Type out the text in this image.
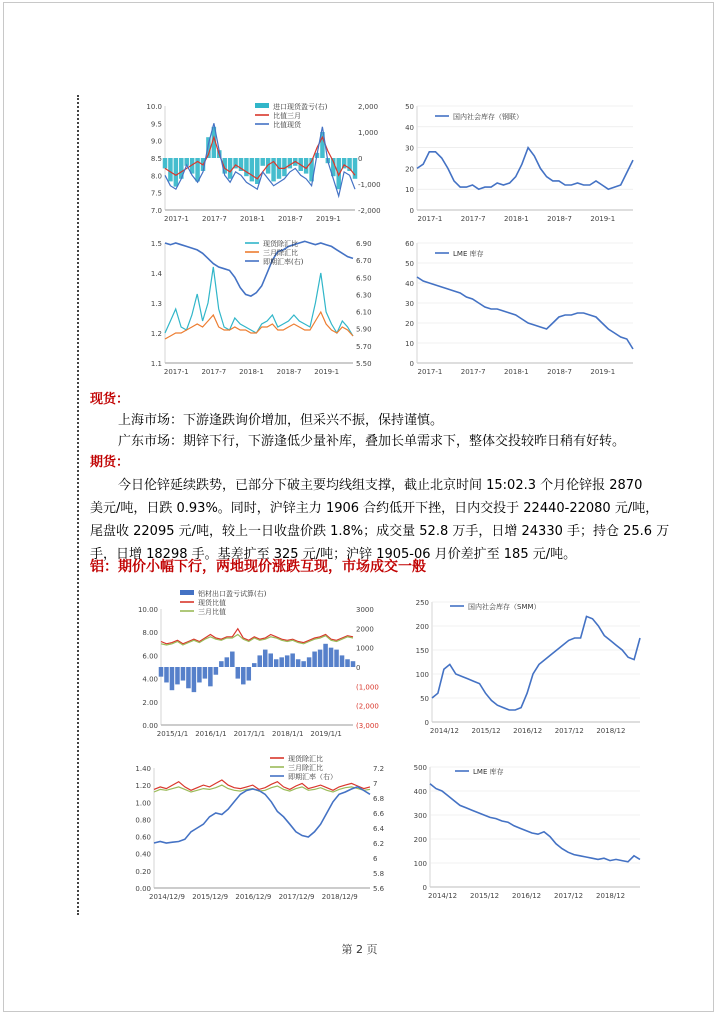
10.0
9.5
9.0
8.5
8.0
7.5
7.0
2,000
1,000
0
-1,000
-2,000
2017-1 2017-7 2018-1 2018-7 2019-1
进口现货盈亏(右)
比值三月
比值现货
50
40
30
20
10
0
2017-1	2017-7	2018-1	2018-7	2019-1
国内社会库存（钢联）
1.5
1.4
1.3
1.2
1.1
6.90
6.70
6.50
6.30
6.10
5.90
5.70
5.50
2017-1 2017-7 2018-1 2018-7 2019-1
现货除汇比
三月除汇比
即期汇率(右)
60
50
40
30
20
10
0
2017-1	2017-7	2018-1	2018-7	2019-1
LME 库存
现货：
上海市场：下游逢跌询价增加，但采兴不振，保持谨慎。
广东市场：期锌下行，下游逢低少量补库，叠加长单需求下，整体交投较昨日稍有好转。
期货：
今日伦锌延续跌势，已部分下破主要均线组支撑，截止北京时间 15:02.3 个月伦锌报 2870
美元/吨，日跌 0.93%。同时，沪锌主力 1906 合约低开下挫，日内交投于 22440-22080 元/吨，
尾盘收 22095 元/吨，较上一日收盘价跌 1.8%；成交量 52.8 万手，日增 24330 手；持仓 25.6 万
手，日增 18298 手。基差扩至 325 元/吨；沪锌 1905-06 月价差扩至 185 元/吨。
铝：期价小幅下行，两地现价涨跌互现，市场成交一般
10.00
8.00
6.00
4.00
2.00
0.00
3000
2000
1000
0
(1,000
(2,000
(3,000
2015/1/1 2016/1/1 2017/1/1 2018/1/1 2019/1/1
铝材出口盈亏试算(右)
现货比值
三月比值
250
200
150
100
50
0
2014/12 2015/12 2016/12 2017/12 2018/12
国内社会库存（SMM）
1.40
1.20
1.00
0.80
0.60
0.40
0.20
0.00
7.2
7
6.8
6.6
6.4
6.2
6
5.8
5.6
2014/12/9 2015/12/9 2016/12/9 2017/12/9 2018/12/9
现货除汇比
三月除汇比
即期汇率（右）
500
400
300
200
100
0
2014/12 2015/12 2016/12 2017/12 2018/12
LME 库存
第 2 页
